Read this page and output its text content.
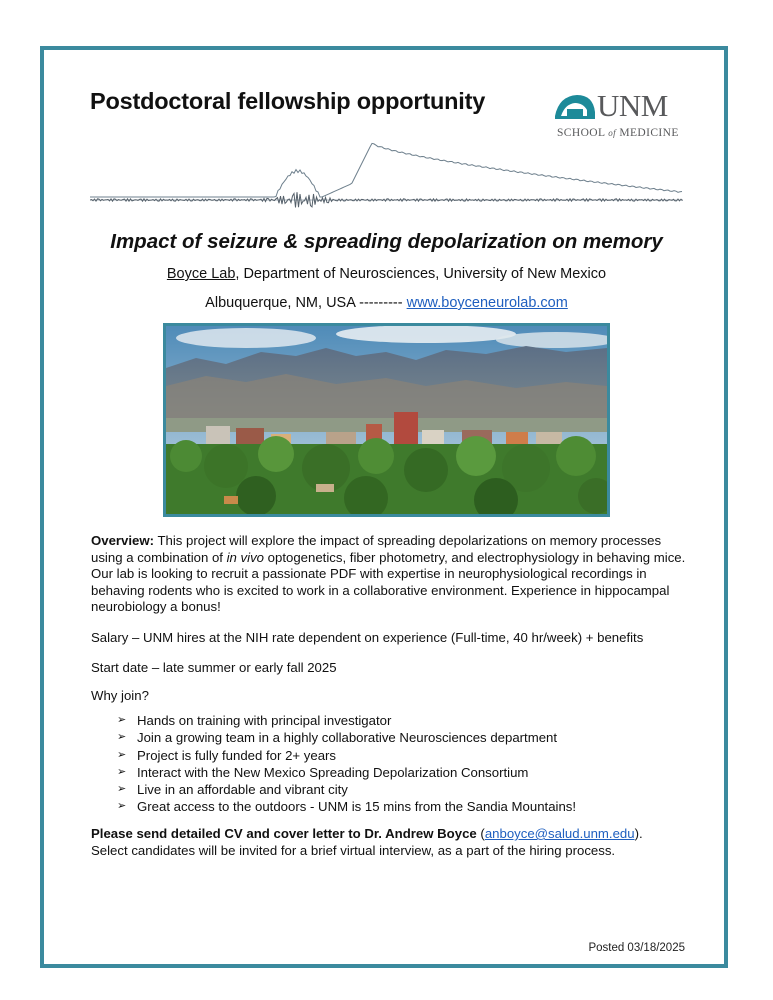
Postdoctoral fellowship opportunity	UNM
SCHOOL of MEDICINE
Impact of seizure & spreading depolarization on memory
Boyce Lab, Department of Neurosciences, University of New Mexico
Albuquerque, NM, USA --------- www.boyceneurolab.com
Overview: This project will explore the impact of spreading depolarizations on memory processes using a combination of in vivo optogenetics, fiber photometry, and electrophysiology in behaving mice. Our lab is looking to recruit a passionate PDF with expertise in neurophysiological recordings in behaving rodents who is excited to work in a collaborative environment. Experience in hippocampal neurobiology a bonus!
Salary – UNM hires at the NIH rate dependent on experience (Full-time, 40 hr/week) + benefits
Start date – late summer or early fall 2025
Why join?
➢ Hands on training with principal investigator
➢ Join a growing team in a highly collaborative Neurosciences department
➢ Project is fully funded for 2+ years
➢ Interact with the New Mexico Spreading Depolarization Consortium
➢ Live in an affordable and vibrant city
➢ Great access to the outdoors - UNM is 15 mins from the Sandia Mountains!
Please send detailed CV and cover letter to Dr. Andrew Boyce (anboyce@salud.unm.edu).
Select candidates will be invited for a brief virtual interview, as a part of the hiring process.
Posted 03/18/2025
